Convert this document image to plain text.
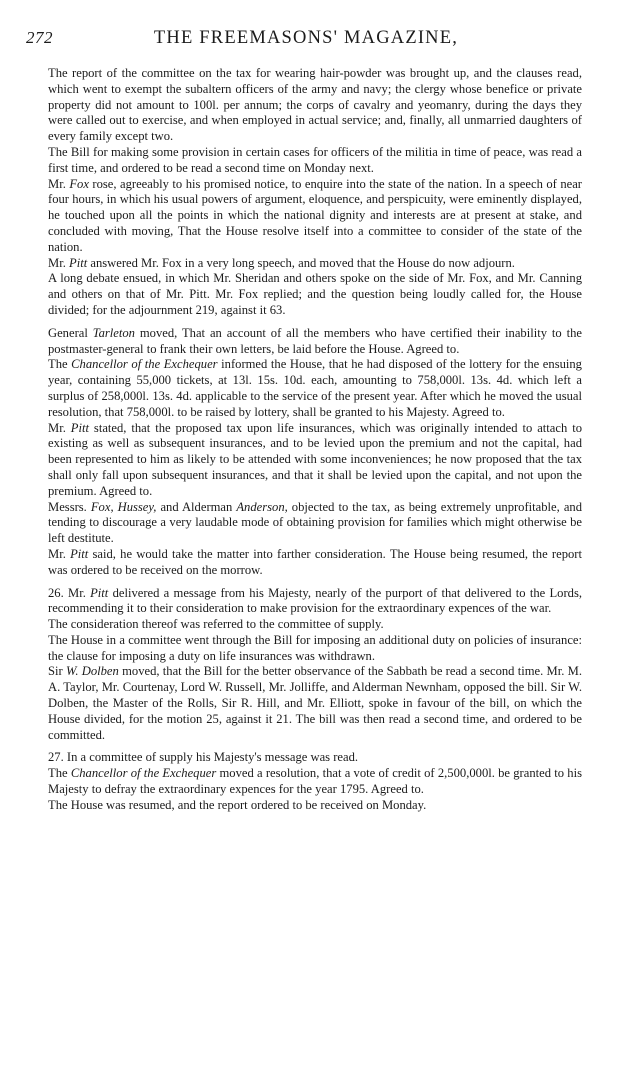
272	THE FREEMASONS' MAGAZINE,

The report of the committee on the tax for wearing hair-powder was brought up, and the clauses read, which went to exempt the subaltern officers of the army and navy; the clergy whose benefice or private property did not amount to 100l. per annum; the corps of cavalry and yeomanry, during the days they were called out to exercise, and when employed in actual service; and, finally, all unmarried daughters of every family except two.

The Bill for making some provision in certain cases for officers of the militia in time of peace, was read a first time, and ordered to be read a second time on Monday next.

Mr. Fox rose, agreeably to his promised notice, to enquire into the state of the nation. In a speech of near four hours, in which his usual powers of argument, eloquence, and perspicuity, were eminently displayed, he touched upon all the points in which the national dignity and interests are at present at stake, and concluded with moving, That the House resolve itself into a committee to consider of the state of the nation.

Mr. Pitt answered Mr. Fox in a very long speech, and moved that the House do now adjourn.

A long debate ensued, in which Mr. Sheridan and others spoke on the side of Mr. Fox, and Mr. Canning and others on that of Mr. Pitt. Mr. Fox replied; and the question being loudly called for, the House divided; for the adjournment 219, against it 63.

General Tarleton moved, That an account of all the members who have certified their inability to the postmaster-general to frank their own letters, be laid before the House. Agreed to.

The Chancellor of the Exchequer informed the House, that he had disposed of the lottery for the ensuing year, containing 55,000 tickets, at 13l. 15s. 10d. each, amounting to 758,000l. 13s. 4d. which left a surplus of 258,000l. 13s. 4d. applicable to the service of the present year. After which he moved the usual resolution, that 758,000l. to be raised by lottery, shall be granted to his Majesty. Agreed to.

Mr. Pitt stated, that the proposed tax upon life insurances, which was originally intended to attach to existing as well as subsequent insurances, and to be levied upon the premium and not the capital, had been represented to him as likely to be attended with some inconveniences; he now proposed that the tax shall only fall upon subsequent insurances, and that it shall be levied upon the capital, and not upon the premium. Agreed to.

Messrs. Fox, Hussey, and Alderman Anderson, objected to the tax, as being extremely unprofitable, and tending to discourage a very laudable mode of obtaining provision for families which might otherwise be left destitute.

Mr. Pitt said, he would take the matter into farther consideration. The House being resumed, the report was ordered to be received on the morrow.

26. Mr. Pitt delivered a message from his Majesty, nearly of the purport of that delivered to the Lords, recommending it to their consideration to make provision for the extraordinary expences of the war.

The consideration thereof was referred to the committee of supply.

The House in a committee went through the Bill for imposing an additional duty on policies of insurance: the clause for imposing a duty on life insurances was withdrawn.

Sir W. Dolben moved, that the Bill for the better observance of the Sabbath be read a second time. Mr. M. A. Taylor, Mr. Courtenay, Lord W. Russell, Mr. Jolliffe, and Alderman Newnham, opposed the bill. Sir W. Dolben, the Master of the Rolls, Sir R. Hill, and Mr. Elliott, spoke in favour of the bill, on which the House divided, for the motion 25, against it 21. The bill was then read a second time, and ordered to be committed.

27. In a committee of supply his Majesty's message was read.

The Chancellor of the Exchequer moved a resolution, that a vote of credit of 2,500,000l. be granted to his Majesty to defray the extraordinary expences for the year 1795. Agreed to.

The House was resumed, and the report ordered to be received on Monday.
